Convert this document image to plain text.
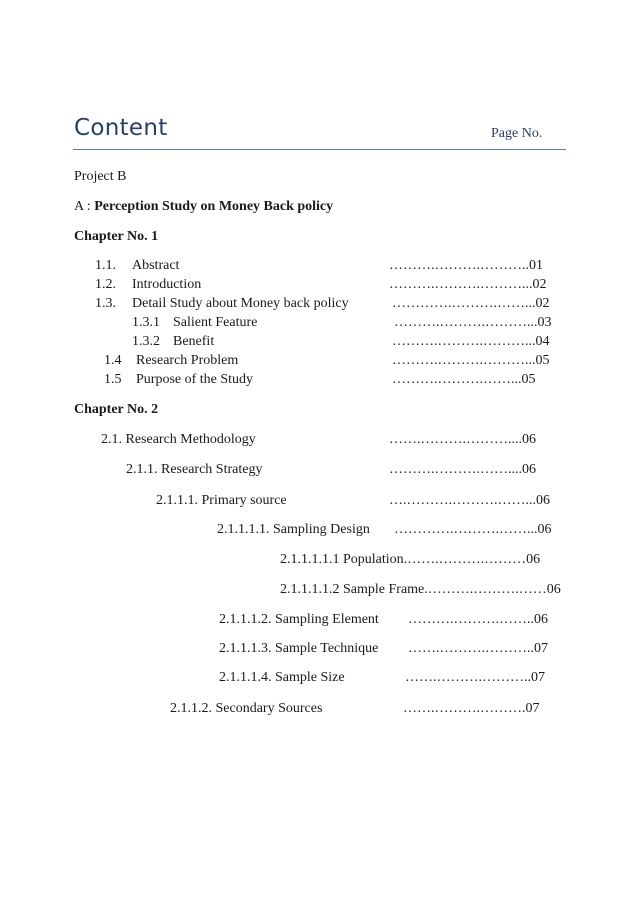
Content	Page No.
Project B
A : Perception Study on Money Back policy
Chapter No. 1
1.1. Abstract	……….……….………..01
1.2. Introduction	……….……….………...02
1.3. Detail Study about Money back policy	………….……….……...02
1.3.1 Salient Feature	……….……….………...03
1.3.2 Benefit	……….……….………...04
1.4 Research Problem	……….……….………...05
1.5 Purpose of the Study	……….……….……...05
Chapter No. 2
2.1. Research Methodology	…….……….………....06
2.1.1. Research Strategy	……….……….……....06
2.1.1.1. Primary source	….……….……….……...06
2.1.1.1.1. Sampling Design ………….……….……...06
2.1.1.1.1.1 Population.…….……….………06
2.1.1.1.1.2 Sample Frame.……….……….……06
2.1.1.1.2. Sampling Element ……….……….……..06
2.1.1.1.3. Sample Technique …….……….………..07
2.1.1.1.4. Sample Size	…….……….………..07
2.1.1.2. Secondary Sources	…….……….……….07
